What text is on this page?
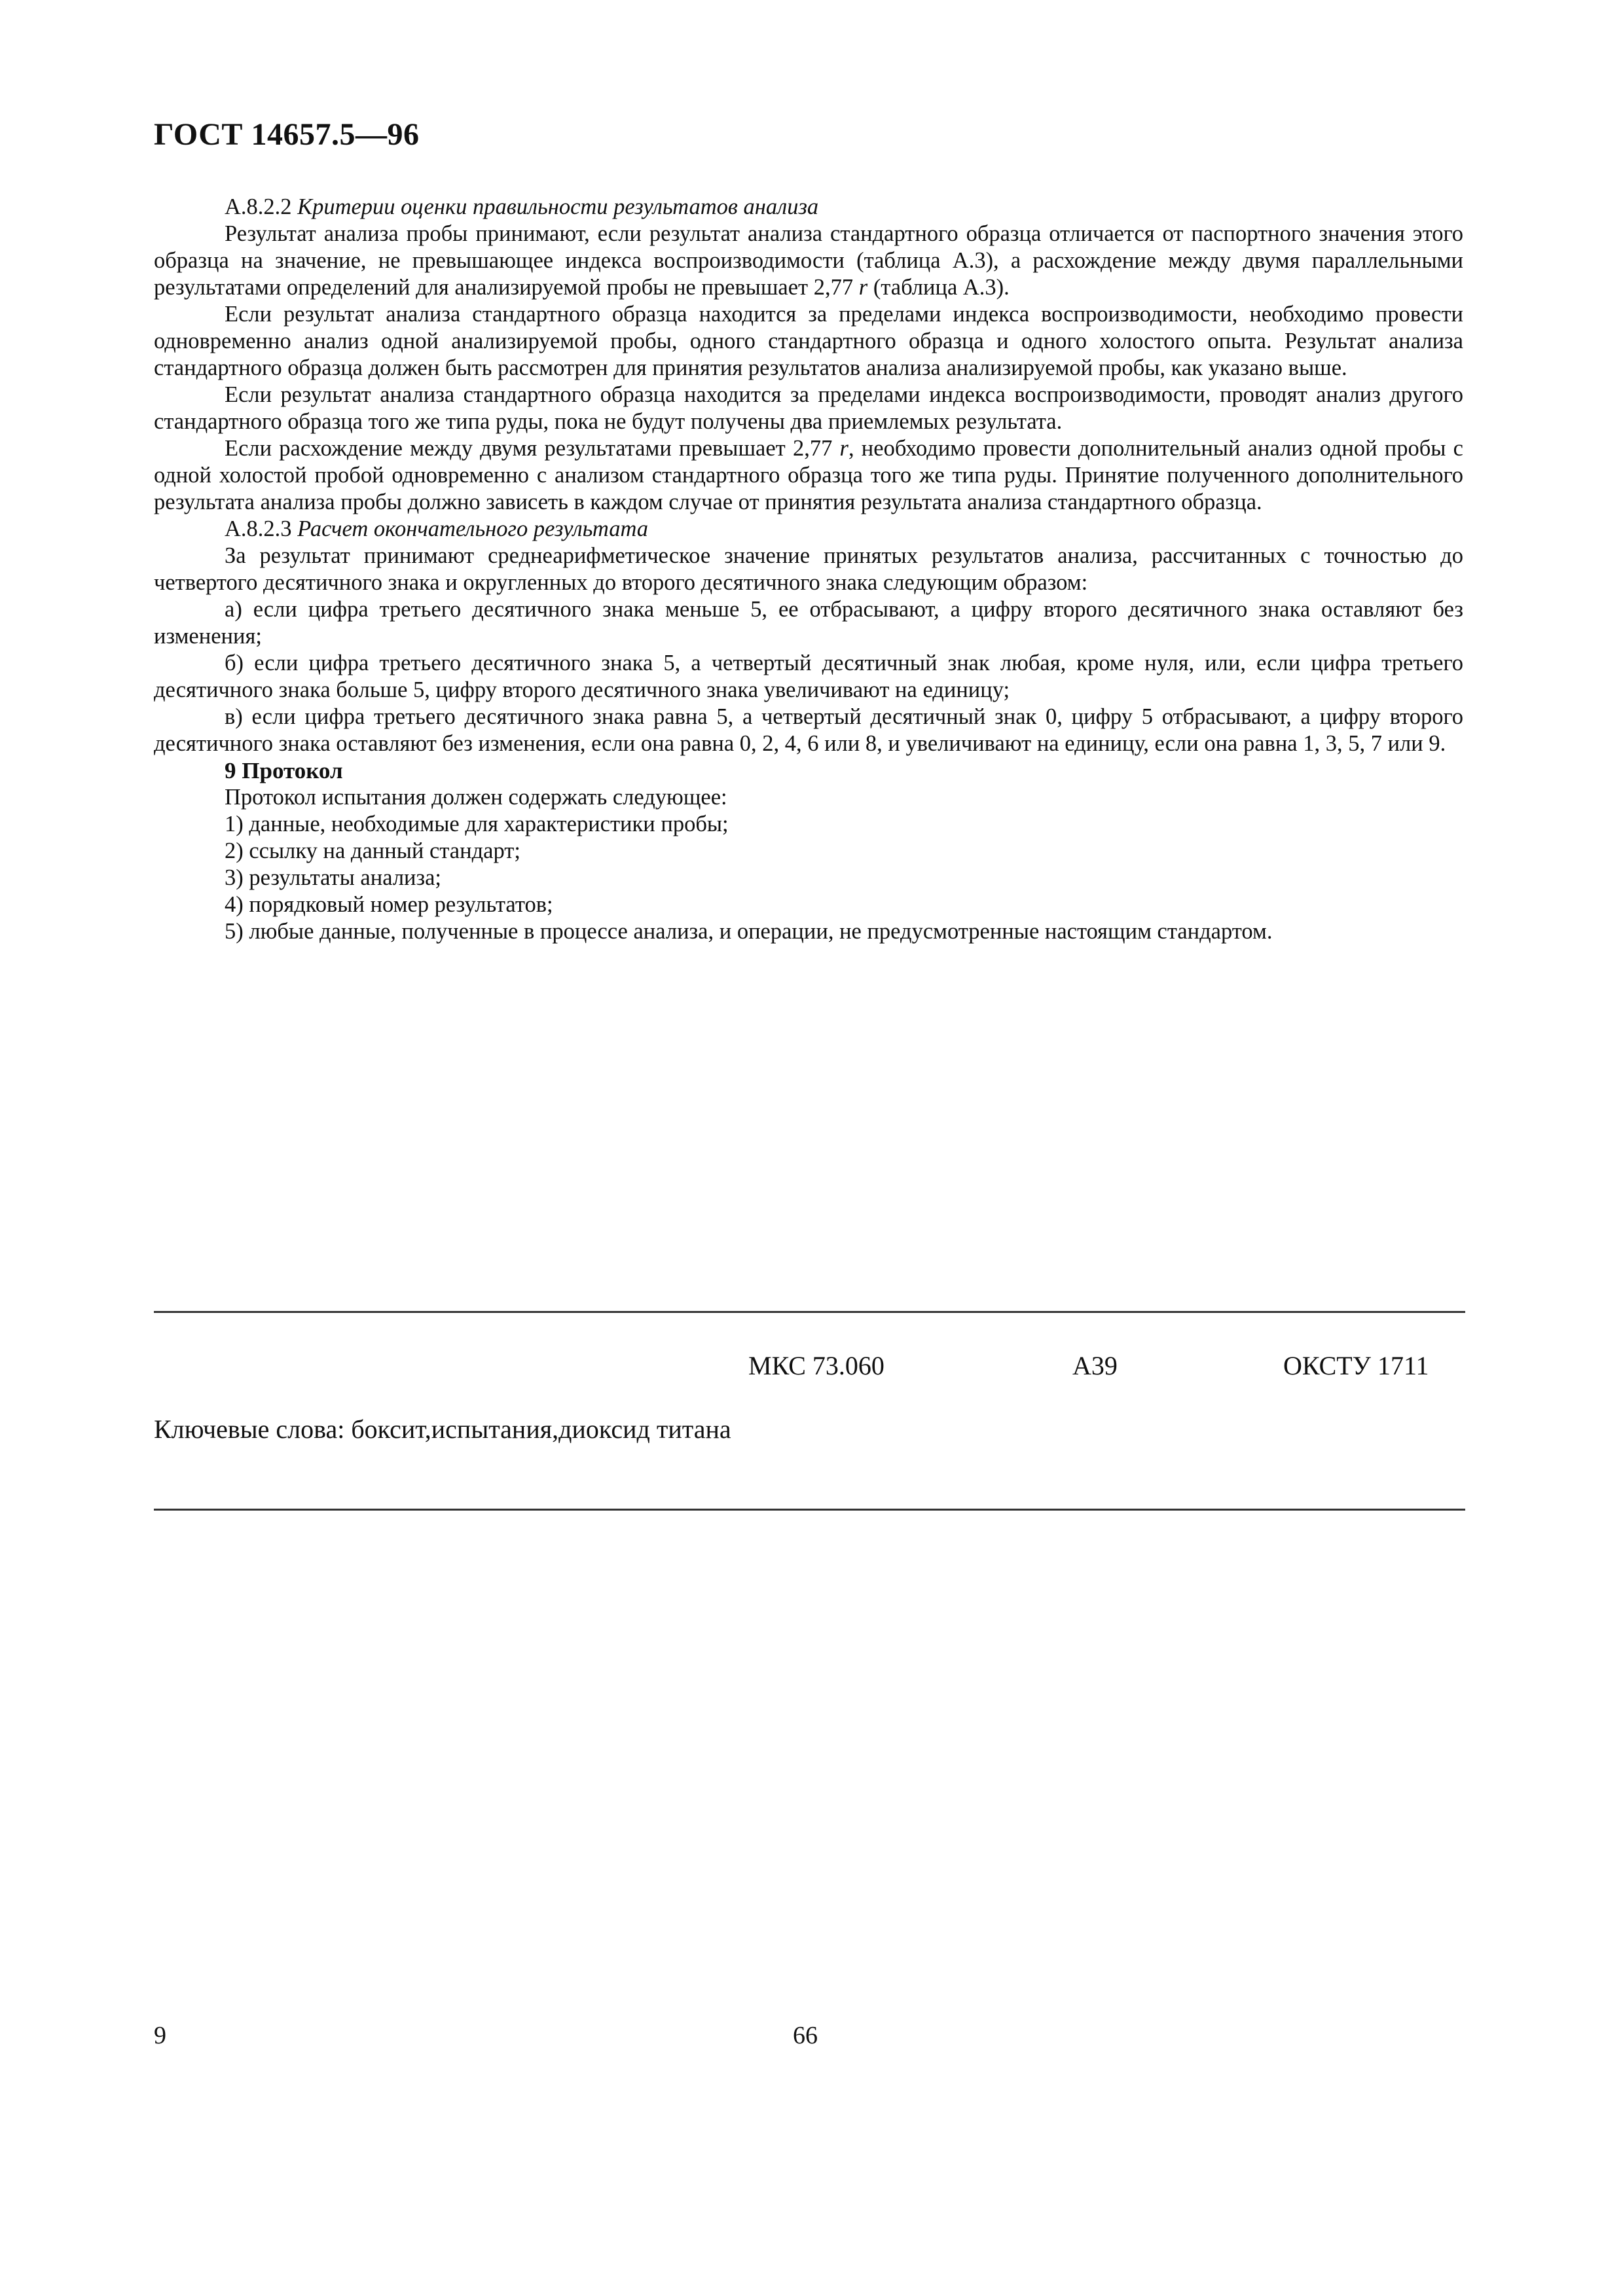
ГОСТ 14657.5—96

А.8.2.2 Критерии оценки правильности результатов анализа

Результат анализа пробы принимают, если результат анализа стандартного образца отличается от паспортного значения этого образца на значение, не превышающее индекса воспроизводимости (таблица А.3), а расхождение между двумя параллельными результатами определений для анализируемой пробы не превышает 2,77 r (таблица А.3).

Если результат анализа стандартного образца находится за пределами индекса воспроизводимости, необходимо провести одновременно анализ одной анализируемой пробы, одного стандартного образца и одного холостого опыта. Результат анализа стандартного образца должен быть рассмотрен для принятия результатов анализа анализируемой пробы, как указано выше.

Если результат анализа стандартного образца находится за пределами индекса воспроизводимости, проводят анализ другого стандартного образца того же типа руды, пока не будут получены два приемлемых результата.

Если расхождение между двумя результатами превышает 2,77 r, необходимо провести дополнительный анализ одной пробы с одной холостой пробой одновременно с анализом стандартного образца того же типа руды. Принятие полученного дополнительного результата анализа пробы должно зависеть в каждом случае от принятия результата анализа стандартного образца.

А.8.2.3 Расчет окончательного результата

За результат принимают среднеарифметическое значение принятых результатов анализа, рассчитанных с точностью до четвертого десятичного знака и округленных до второго десятичного знака следующим образом:

а) если цифра третьего десятичного знака меньше 5, ее отбрасывают, а цифру второго десятичного знака оставляют без изменения;

б) если цифра третьего десятичного знака 5, а четвертый десятичный знак любая, кроме нуля, или, если цифра третьего десятичного знака больше 5, цифру второго десятичного знака увеличивают на единицу;

в) если цифра третьего десятичного знака равна 5, а четвертый десятичный знак 0, цифру 5 отбрасывают, а цифру второго десятичного знака оставляют без изменения, если она равна 0, 2, 4, 6 или 8, и увеличивают на единицу, если она равна 1, 3, 5, 7 или 9.

9 Протокол

Протокол испытания должен содержать следующее:

1) данные, необходимые для характеристики пробы;

2) ссылку на данный стандарт;

3) результаты анализа;

4) порядковый номер результатов;

5) любые данные, полученные в процессе анализа, и операции, не предусмотренные настоящим стандартом.

МКС 73.060	А39	ОКСТУ 1711
Ключевые слова: боксит,испытания,диоксид титана
9	66
